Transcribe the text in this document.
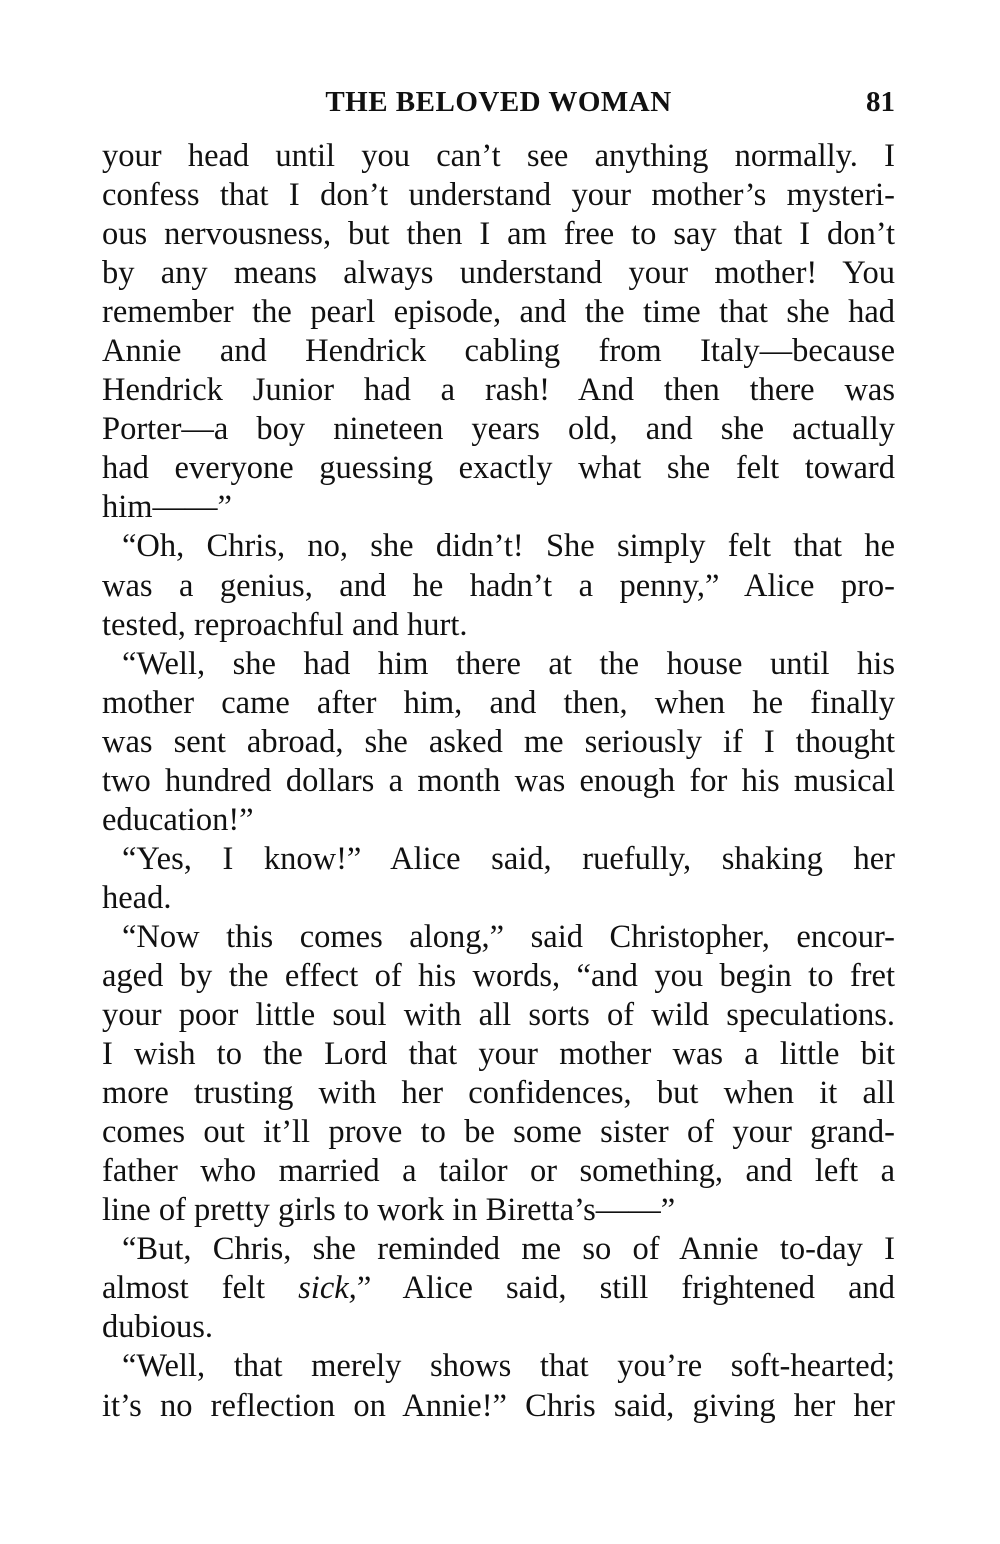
THE BELOVED WOMAN	81
your head until you can’t see anything normally. I
confess that I don’t understand your mother’s mysteri-
ous nervousness, but then I am free to say that I don’t
by any means always understand your mother! You
remember the pearl episode, and the time that she had
Annie and Hendrick cabling from Italy—because
Hendrick Junior had a rash! And then there was
Porter—a boy nineteen years old, and she actually
had everyone guessing exactly what she felt toward
him——”
“Oh, Chris, no, she didn’t! She simply felt that he
was a genius, and he hadn’t a penny,” Alice pro-
tested, reproachful and hurt.
“Well, she had him there at the house until his
mother came after him, and then, when he finally
was sent abroad, she asked me seriously if I thought
two hundred dollars a month was enough for his musical
education!”
“Yes, I know!” Alice said, ruefully, shaking her
head.
“Now this comes along,” said Christopher, encour-
aged by the effect of his words, “and you begin to fret
your poor little soul with all sorts of wild speculations.
I wish to the Lord that your mother was a little bit
more trusting with her confidences, but when it all
comes out it’ll prove to be some sister of your grand-
father who married a tailor or something, and left a
line of pretty girls to work in Biretta’s——”
“But, Chris, she reminded me so of Annie to-day I
almost felt sick,” Alice said, still frightened and
dubious.
“Well, that merely shows that you’re soft-hearted;
it’s no reflection on Annie!” Chris said, giving her her
